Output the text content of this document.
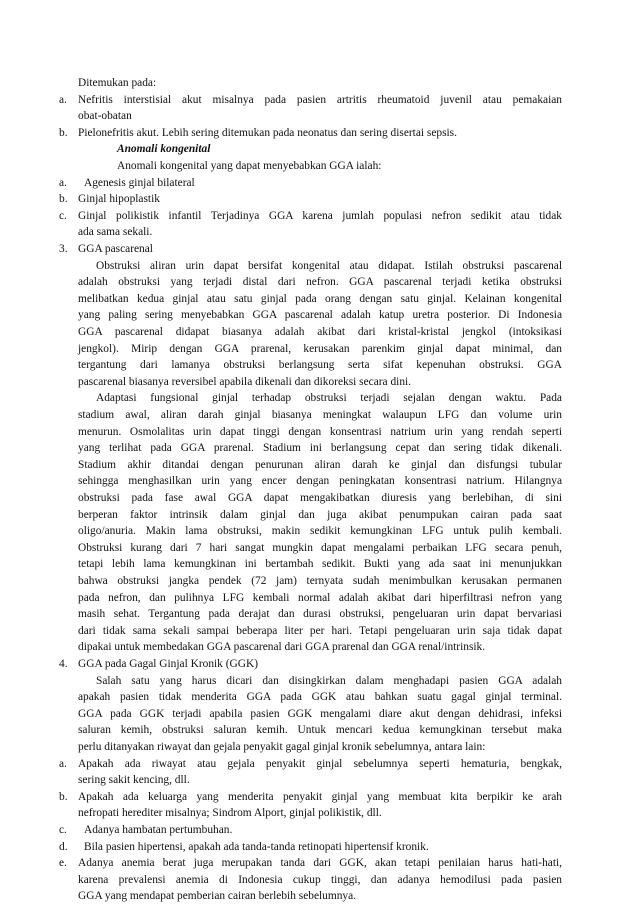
Ditemukan pada:
a. Nefritis interstisial akut misalnya pada pasien artritis rheumatoid juvenil atau pemakaian
obat-obatan
b. Pielonefritis akut. Lebih sering ditemukan pada neonatus dan sering disertai sepsis.
Anomali kongenital
Anomali kongenital yang dapat menyebabkan GGA ialah:
a.	Agenesis ginjal bilateral
b. Ginjal hipoplastik
c. Ginjal polikistik infantil Terjadinya GGA karena jumlah populasi nefron sedikit atau tidak
ada sama sekali.
3. GGA pascarenal
Obstruksi aliran urin dapat bersifat kongenital atau didapat. Istilah obstruksi pascarenal
adalah obstruksi yang terjadi distal dari nefron. GGA pascarenal terjadi ketika obstruksi
melibatkan kedua ginjal atau satu ginjal pada orang dengan satu ginjal. Kelainan kongenital
yang paling sering menyebabkan GGA pascarenal adalah katup uretra posterior. Di Indonesia
GGA pascarenal didapat biasanya adalah akibat dari kristal-kristal jengkol (intoksikasi
jengkol). Mirip dengan GGA prarenal, kerusakan parenkim ginjal dapat minimal, dan
tergantung dari lamanya obstruksi berlangsung serta sifat kepenuhan obstruksi. GGA
pascarenal biasanya reversibel apabila dikenali dan dikoreksi secara dini.
Adaptasi fungsional ginjal terhadap obstruksi terjadi sejalan dengan waktu. Pada
stadium awal, aliran darah ginjal biasanya meningkat walaupun LFG dan volume urin
menurun. Osmolalitas urin dapat tinggi dengan konsentrasi natrium urin yang rendah seperti
yang terlihat pada GGA prarenal. Stadium ini berlangsung cepat dan sering tidak dikenali.
Stadium akhir ditandai dengan penurunan aliran darah ke ginjal dan disfungsi tubular
sehingga menghasilkan urin yang encer dengan peningkatan konsentrasi natrium. Hilangnya
obstruksi pada fase awal GGA dapat mengakibatkan diuresis yang berlebihan, di sini
berperan faktor intrinsik dalam ginjal dan juga akibat penumpukan cairan pada saat
oligo/anuria. Makin lama obstruksi, makin sedikit kemungkinan LFG untuk pulih kembali.
Obstruksi kurang dari 7 hari sangat mungkin dapat mengalami perbaikan LFG secara penuh,
tetapi lebih lama kemungkinan ini bertambah sedikit. Bukti yang ada saat ini menunjukkan
bahwa obstruksi jangka pendek (72 jam) ternyata sudah menimbulkan kerusakan permanen
pada nefron, dan pulihnya LFG kembali normal adalah akibat dari hiperfiltrasi nefron yang
masih sehat. Tergantung pada derajat dan durasi obstruksi, pengeluaran urin dapat bervariasi
dari tidak sama sekali sampai beberapa liter per hari. Tetapi pengeluaran urin saja tidak dapat
dipakai untuk membedakan GGA pascarenal dari GGA prarenal dan GGA renal/intrinsik.
4. GGA pada Gagal Ginjal Kronik (GGK)
Salah satu yang harus dicari dan disingkirkan dalam menghadapi pasien GGA adalah
apakah pasien tidak menderita GGA pada GGK atau bahkan suatu gagal ginjal terminal.
GGA pada GGK terjadi apabila pasien GGK mengalami diare akut dengan dehidrasi, infeksi
saluran kemih, obstruksi saluran kemih. Untuk mencari kedua kemungkinan tersebut maka
perlu ditanyakan riwayat dan gejala penyakit gagal ginjal kronik sebelumnya, antara lain:
a. Apakah ada riwayat atau gejala penyakit ginjal sebelumnya seperti hematuria, bengkak,
sering sakit kencing, dll.
b. Apakah ada keluarga yang menderita penyakit ginjal yang membuat kita berpikir ke arah
nefropati herediter misalnya; Sindrom Alport, ginjal polikistik, dll.
c.	Adanya hambatan pertumbuhan.
d.	Bila pasien hipertensi, apakah ada tanda-tanda retinopati hipertensif kronik.
e. Adanya anemia berat juga merupakan tanda dari GGK, akan tetapi penilaian harus hati-hati,
karena prevalensi anemia di Indonesia cukup tinggi, dan adanya hemodilusi pada pasien
GGA yang mendapat pemberian cairan berlebih sebelumnya.
